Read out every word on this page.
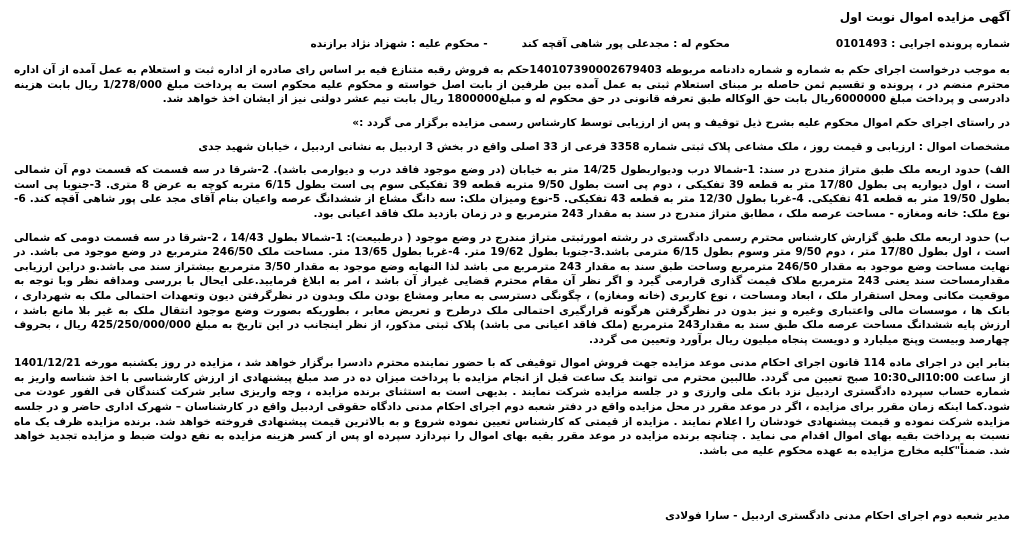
آگهی مزایده اموال نوبت اول
شماره پرونده اجرایی : 0101493
محکوم له : مجدعلی پور شاهی آقچه کند
- محکوم علیه : شهزاد نژاد برازنده

به موجب درخواست اجرای حکم به شماره و شماره دادنامه مربوطه 140107390002679403حکم به فروش رقبه متنازع فیه بر اساس رای صادره از اداره ثبت و استعلام به عمل آمده از آن اداره محترم منضم در ، پرونده و تقسیم ثمن حاصله بر مبنای استعلام ثبتی به عمل آمده بین طرفین از بابت اصل خواسته و محکوم علیه محکوم است به پرداخت مبلغ 1/278/000 ریال بابت هزینه دادرسی و پرداخت مبلغ 6000000ریال بابت حق الوکاله طبق تعرفه قانونی در حق محکوم له و مبلغ1800000 ریال بابت نیم عشر دولتی نیز از ایشان اخذ خواهد شد.

در راستای اجرای حکم اموال محکوم علیه بشرح ذیل توقیف و پس از ارزیابی توسط کارشناس رسمی مزایده برگزار می گردد :»

مشخصات اموال : ارزیابی و قیمت روز ، ملک مشاعی پلاک ثبتی شماره 3358 فرعی از 33 اصلی واقع در بخش 3 اردبیل به نشانی اردبیل ، خیابان شهید جدی

الف) حدود اربعه ملک طبق متراژ مندرج در سند: 1-شمالا درب ودیواربطول 14/25 متر به خیابان (در وضع موجود فاقد درب و دیوارمی باشد). 2-شرقا در سه قسمت که قسمت دوم آن شمالی است ، اول دیواریه پی بطول 17/80 متر به قطعه 39 تفکیکی ، دوم پی است بطول 9/50 متربه قطعه 39 تفکیکی سوم پی است بطول 6/15 متربه کوچه به عرض 8 متری. 3-جنوبا پی است بطول 19/50 متر به قطعه 41 تفکیکی. 4-غربا بطول 12/30 متر به قطعه 43 تفکیکی. 5-نوع ومیزان ملک: سه دانگ مشاع از ششدانگ عرصه واعیان بنام آقای مجد علی پور شاهی آقچه کند. 6-نوع ملک: خانه ومغازه - مساحت عرصه ملک ، مطابق متراژ مندرج در سند به مقدار 243 مترمربع و در زمان بازدید ملک فاقد اعیانی بود.

ب) حدود اربعه ملک طبق گزارش کارشناس محترم رسمی دادگستری در رشته امورثبتی متراژ مندرج در وضع موجود ( درطبیعت): 1-شمالا بطول 14/43 ، 2-شرقا در سه قسمت دومی که شمالی است ، اول بطول 17/80 متر ، دوم 9/50 متر وسوم بطول 6/15 مترمی باشد.3-جنوبا بطول 19/62 متر. 4-غربا بطول 13/65 متر. مساحت ملک 246/50 مترمربع در وضع موجود می باشد. در نهایت مساحت وضع موجود به مقدار 246/50 مترمربع وساحت طبق سند به مقدار 243 مترمربع می باشد لذا النهایه وضع موجود به مقدار 3/50 مترمربع بیشتراز سند می باشد.و دراین ارزیابی مقدارمساحت سند یعنی 243 مترمربع ملاک قیمت گذاری قرارمی گیرد و اگر نظر آن مقام محترم قضایی غیراز آن باشد ، امر به ابلاغ فرمایید.علی ایحال با بررسی ومداقه نظر وبا توجه به موقعیت مکانی ومحل استقرار ملک ، ابعاد ومساحت ، نوع کاربری (خانه ومغازه) ، چگونگی دسترسی به معابر ومشاع بودن ملک وبدون در نظرگرفتن دیون وتعهدات احتمالی ملک به شهرداری ، بانک ها ، موسسات مالی واعتباری وغیره و نیز بدون در نظرگرفتن هرگونه قرارگیری احتمالی ملک درطرح و تعریض معابر ، بطوریکه بصورت وضع موجود انتقال ملک به غیر بلا مانع باشد ، ارزش پایه ششدانگ مساحت عرصه ملک طبق سند به مقدار243 مترمربع (ملک فاقد اعیانی می باشد) پلاک ثبتی مذکور، از نظر اینجانب در این تاریخ به مبلغ 425/250/000/000 ریال ، بحروف چهارصد وبیست وپنج میلیارد و دویست پنجاه میلیون ریال برآورد وتعیین می گردد.

بنابر این در اجرای ماده 114 قانون اجرای احکام مدنی موعد مزایده جهت فروش اموال توقیفی که با حضور نماینده محترم دادسرا برگزار خواهد شد ، مزایده در روز یکشنبه مورخه 1401/12/21 از ساعت 10:00الی10:30 صبح تعیین می گردد. طالبین محترم می توانند یک ساعت قبل از انجام مزایده با پرداخت میزان ده در صد مبلغ پیشنهادی از ارزش کارشناسی با اخذ شناسه واریز به شماره حساب سپرده دادگستری اردبیل نزد بانک ملی وارزی و در جلسه مزایده شرکت نمایند . بدیهی است به استثنای برنده مزایده ، وجه واریزی سایر شرکت کنندگان فی الفور عودت می شود.کما اینکه زمان مقرر برای مزایده ، اگر در موعد مقرر در محل مزایده واقع در دفتر شعبه دوم اجرای احکام مدنی دادگاه حقوقی اردبیل واقع در کارشناسان – شهرک اداری حاضر و در جلسه مزایده شرکت نموده و قیمت پیشنهادی خودشان را اعلام نمایند . مزایده از قیمتی که کارشناس تعیین نموده شروع و به بالاترین قیمت پیشنهادی فروخته خواهد شد. برنده مزایده ظرف یک ماه نسبت به پرداخت بقیه بهای اموال اقدام می نماید . چنانچه برنده مزایده در موعد مقرر بقیه بهای اموال را نپردازد سپرده او پس از کسر هزینه مزایده به نفع دولت ضبط و مزایده تجدید خواهد شد. ضمناً"کلیه مخارج مزایده به عهده محکوم علیه می باشد.

مدیر شعبه دوم اجرای احکام مدنی دادگستری اردبیل - سارا فولادی
